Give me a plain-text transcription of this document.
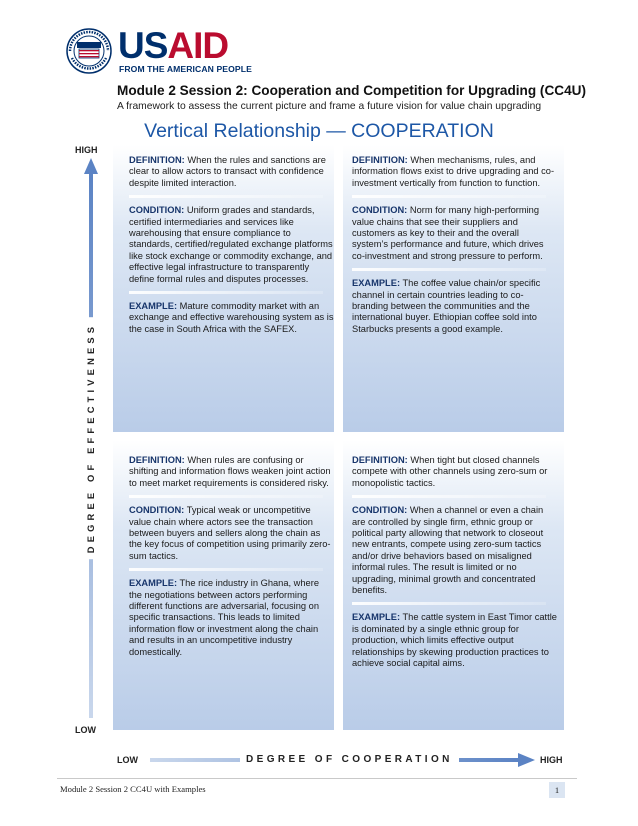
USAID
FROM THE AMERICAN PEOPLE
Module 2 Session 2: Cooperation and Competition for Upgrading (CC4U)
A framework to assess the current picture and frame a future vision for value chain upgrading
Vertical Relationship — COOPERATION

DEFINITION: When the rules and sanctions are clear to allow actors to transact with confidence despite limited interaction.

CONDITION: Uniform grades and standards, certified intermediaries and services like warehousing that ensure compliance to standards, certified/regulated exchange platforms like stock exchange or commodity exchange, and effective legal infrastructure to transparently define formal rules and disputes processes.

EXAMPLE: Mature commodity market with an exchange and effective warehousing system as is the case in South Africa with the SAFEX.

DEFINITION: When mechanisms, rules, and information flows exist to drive upgrading and co-investment vertically from function to function.

CONDITION: Norm for many high-performing value chains that see their suppliers and customers as key to their and the overall system’s performance and future, which drives co-investment and strong pressure to perform.

EXAMPLE: The coffee value chain/or specific channel in certain countries leading to co-branding between the communities and the international buyer. Ethiopian coffee sold into Starbucks presents a good example.

DEFINITION: When rules are confusing or shifting and information flows weaken joint action to meet market requirements is considered risky.

CONDITION: Typical weak or uncompetitive value chain where actors see the transaction between buyers and sellers along the chain as the key focus of competition using primarily zero-sum tactics.

EXAMPLE: The rice industry in Ghana, where the negotiations between actors performing different functions are adversarial, focusing on specific transactions. This leads to limited information flow or investment along the chain and results in an uncompetitive industry domestically.

DEFINITION: When tight but closed channels compete with other channels using zero-sum or monopolistic tactics.

CONDITION: When a channel or even a chain are controlled by single firm, ethnic group or political party allowing that network to closeout new entrants, compete using zero-sum tactics and/or drive behaviors based on misaligned informal rules. The result is limited or no upgrading, minimal growth and concentrated benefits.

EXAMPLE: The cattle system in East Timor cattle is dominated by a single ethnic group for production, which limits effective output relationships by skewing production practices to achieve social capital aims.

HIGH
DEGREE OF EFFECTIVENESS
LOW
LOW	DEGREE OF COOPERATION	HIGH
Module 2 Session 2 CC4U with Examples	1
